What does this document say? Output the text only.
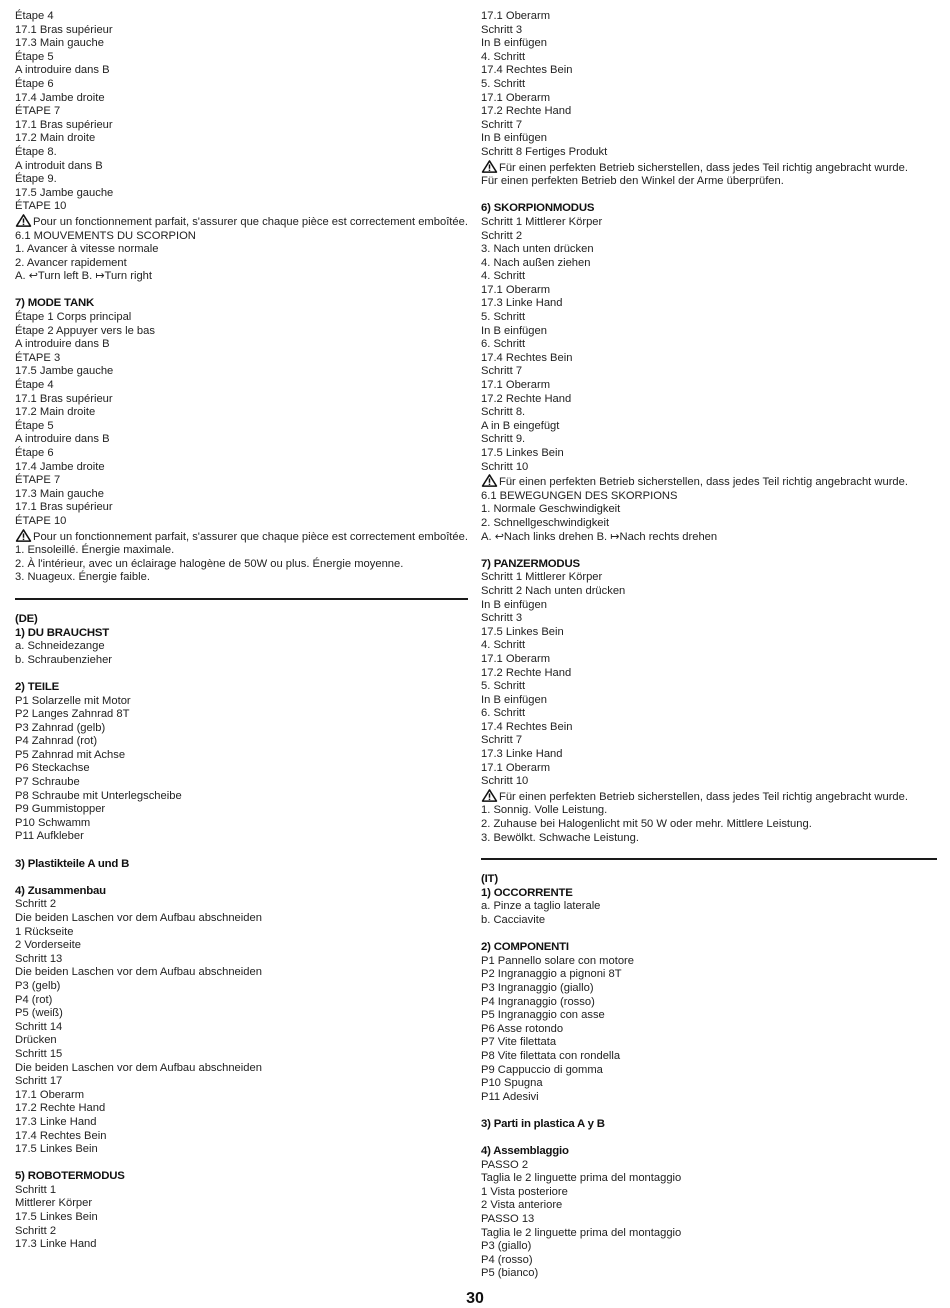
Étape 4
17.1 Bras supérieur
17.3 Main gauche
Étape 5
A introduire dans B
Étape 6
17.4 Jambe droite
ÉTAPE 7
17.1 Bras supérieur
17.2 Main droite
Étape 8.
A introduit dans B
Étape 9.
17.5 Jambe gauche
ÉTAPE 10
Pour un fonctionnement parfait, s'assurer que chaque pièce est correctement emboîtée.
6.1 MOUVEMENTS DU SCORPION
1. Avancer à vitesse normale
2. Avancer rapidement
A. ↩Turn left B. ↦Turn right
7) MODE TANK
Étape 1 Corps principal
Étape 2 Appuyer vers le bas
A introduire dans B
ÉTAPE 3
17.5 Jambe gauche
Étape 4
17.1 Bras supérieur
17.2 Main droite
Étape 5
A introduire dans B
Étape 6
17.4 Jambe droite
ÉTAPE 7
17.3 Main gauche
17.1 Bras supérieur
ÉTAPE 10
Pour un fonctionnement parfait, s'assurer que chaque pièce est correctement emboîtée.
1. Ensoleillé. Énergie maximale.
2. À l'intérieur, avec un éclairage halogène de 50W ou plus. Énergie moyenne.
3. Nuageux. Énergie faible.
(DE)
1) DU BRAUCHST
a. Schneidezange
b. Schraubenzieher
2) TEILE
P1 Solarzelle mit Motor
P2 Langes Zahnrad 8T
P3 Zahnrad (gelb)
P4 Zahnrad (rot)
P5 Zahnrad mit Achse
P6 Steckachse
P7 Schraube
P8 Schraube mit Unterlegscheibe
P9 Gummistopper
P10 Schwamm
P11 Aufkleber
3) Plastikteile A und B
4) Zusammenbau
Schritt 2
Die beiden Laschen vor dem Aufbau abschneiden
1 Rückseite
2 Vorderseite
Schritt 13
Die beiden Laschen vor dem Aufbau abschneiden
P3 (gelb)
P4 (rot)
P5 (weiß)
Schritt 14
Drücken
Schritt 15
Die beiden Laschen vor dem Aufbau abschneiden
Schritt 17
17.1 Oberarm
17.2 Rechte Hand
17.3 Linke Hand
17.4 Rechtes Bein
17.5 Linkes Bein
5) ROBOTERMODUS
Schritt 1
Mittlerer Körper
17.5 Linkes Bein
Schritt 2
17.3 Linke Hand
17.1 Oberarm
Schritt 3
In B einfügen
4. Schritt
17.4 Rechtes Bein
5. Schritt
17.1 Oberarm
17.2 Rechte Hand
Schritt 7
In B einfügen
Schritt 8 Fertiges Produkt
Für einen perfekten Betrieb sicherstellen, dass jedes Teil richtig angebracht wurde.
Für einen perfekten Betrieb den Winkel der Arme überprüfen.
6) SKORPIONMODUS
Schritt 1 Mittlerer Körper
Schritt 2
3. Nach unten drücken
4. Nach außen ziehen
4. Schritt
17.1 Oberarm
17.3 Linke Hand
5. Schritt
In B einfügen
6. Schritt
17.4 Rechtes Bein
Schritt 7
17.1 Oberarm
17.2 Rechte Hand
Schritt 8.
A in B eingefügt
Schritt 9.
17.5 Linkes Bein
Schritt 10
Für einen perfekten Betrieb sicherstellen, dass jedes Teil richtig angebracht wurde.
6.1 BEWEGUNGEN DES SKORPIONS
1. Normale Geschwindigkeit
2. Schnellgeschwindigkeit
A. ↩Nach links drehen B. ↦Nach rechts drehen
7) PANZERMODUS
Schritt 1 Mittlerer Körper
Schritt 2 Nach unten drücken
In B einfügen
Schritt 3
17.5 Linkes Bein
4. Schritt
17.1 Oberarm
17.2 Rechte Hand
5. Schritt
In B einfügen
6. Schritt
17.4 Rechtes Bein
Schritt 7
17.3 Linke Hand
17.1 Oberarm
Schritt 10
Für einen perfekten Betrieb sicherstellen, dass jedes Teil richtig angebracht wurde.
1. Sonnig. Volle Leistung.
2. Zuhause bei Halogenlicht mit 50 W oder mehr. Mittlere Leistung.
3. Bewölkt. Schwache Leistung.
(IT)
1) OCCORRENTE
a. Pinze a taglio laterale
b. Cacciavite
2) COMPONENTI
P1 Pannello solare con motore
P2 Ingranaggio a pignoni 8T
P3 Ingranaggio (giallo)
P4 Ingranaggio (rosso)
P5 Ingranaggio con asse
P6 Asse rotondo
P7 Vite filettata
P8 Vite filettata con rondella
P9 Cappuccio di gomma
P10 Spugna
P11 Adesivi
3) Parti in plastica A y B
4) Assemblaggio
PASSO 2
Taglia le 2 linguette prima del montaggio
1 Vista posteriore
2 Vista anteriore
PASSO 13
Taglia le 2 linguette prima del montaggio
P3 (giallo)
P4 (rosso)
P5 (bianco)
30
